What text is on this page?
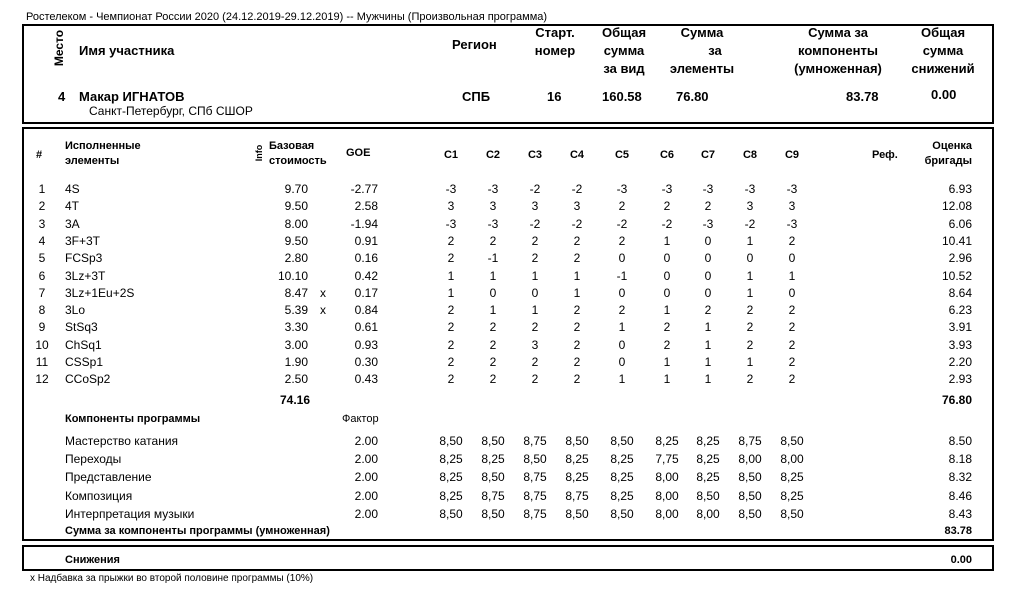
Ростелеком - Чемпионат России 2020 (24.12.2019-29.12.2019) -- Мужчины (Произвольная программа)
Место Имя участника	Регион
Старт.
номер
Общая
сумма
за вид
Сумма
за
элементы
Сумма за
компоненты
(умноженная)
Общая
сумма
снижений
4 Макар ИГНАТОВ
Санкт-Петербург, СПб СШОР
СПБ	16	160.58	76.80	83.78	0.00
#
Исполненные
элементы	Info Базовая
стоимость
GOE	C1	C2	C3	C4	C5	C6	C7	C8	C9	Реф.
Оценка
бригады
1	4S	9.70	-2.77	-3	-3	-2	-2	-3	-3	-3	-3	-3	6.93
2	4T	9.50	2.58	3	3	3	3	2	2	2	3	3	12.08
3	3A	8.00	-1.94	-3	-3	-2	-2	-2	-2	-3	-2	-3	6.06
4	3F+3T	9.50	0.91	2	2	2	2	2	1	0	1	2	10.41
5	FCSp3	2.80	0.16	2	-1	2	2	0	0	0	0	0	2.96
6	3Lz+3T	10.10	0.42	1	1	1	1	-1	0	0	1	1	10.52
7	3Lz+1Eu+2S	8.47 x	0.17	1	0	0	1	0	0	0	1	0	8.64
8	3Lo	5.39 x	0.84	2	1	1	2	2	1	2	2	2	6.23
9	StSq3	3.30	0.61	2	2	2	2	1	2	1	2	2	3.91
10	ChSq1	3.00	0.93	2	2	3	2	0	2	1	2	2	3.93
11	CSSp1	1.90	0.30	2	2	2	2	0	1	1	1	2	2.20
12	CCoSp2	2.50	0.43	2	2	2	2	1	1	1	2	2	2.93
74.16	76.80
Компоненты программы	Фактор
Мастерство катания	2.00	8,50	8,50	8,75	8,50	8,50	8,25	8,25	8,75	8,50	8.50
Переходы	2.00	8,25	8,25	8,50	8,25	8,25	7,75	8,25	8,00	8,00	8.18
Представление	2.00	8,25	8,50	8,75	8,25	8,25	8,00	8,25	8,50	8,25	8.32
Композиция	2.00	8,25	8,75	8,75	8,75	8,25	8,00	8,50	8,50	8,25	8.46
Интерпретация музыки	2.00	8,50	8,50	8,75	8,50	8,50	8,00	8,00	8,50	8,50	8.43
Сумма за компоненты программы (умноженная)	83.78
Снижения	0.00
x Надбавка за прыжки во второй половине программы (10%)
